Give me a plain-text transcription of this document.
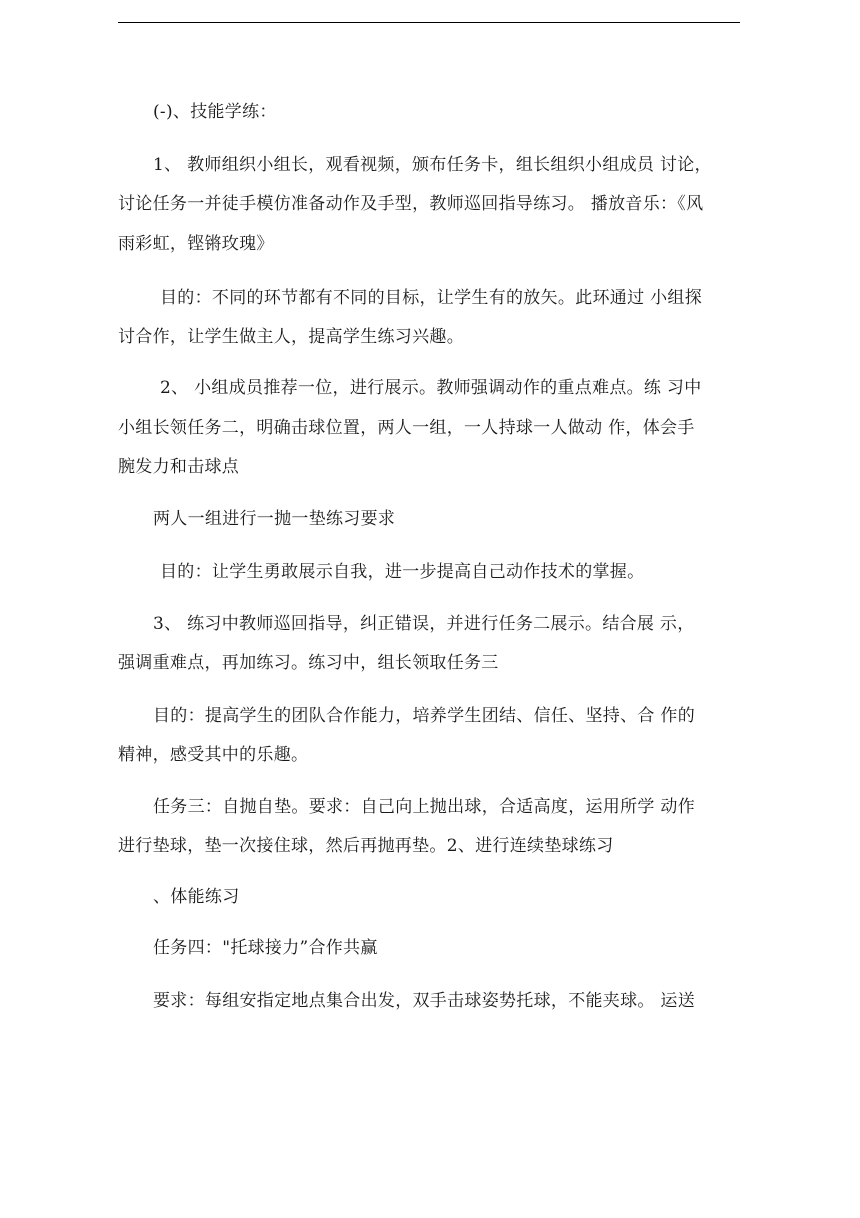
(-)、技能学练：
1、 教师组织小组长，观看视频，颁布任务卡，组长组织小组成员 讨论，
讨论任务一并徒手模仿准备动作及手型，教师巡回指导练习。 播放音乐：《风
雨彩虹，铿锵玫瑰》
目的：不同的环节都有不同的目标，让学生有的放矢。此环通过 小组探
讨合作，让学生做主人，提高学生练习兴趣。
2、 小组成员推荐一位，进行展示。教师强调动作的重点难点。练 习中
小组长领任务二，明确击球位置，两人一组，一人持球一人做动 作，体会手
腕发力和击球点
两人一组进行一抛一垫练习要求
目的：让学生勇敢展示自我，进一步提高自己动作技术的掌握。
3、 练习中教师巡回指导，纠正错误，并进行任务二展示。结合展 示，
强调重难点，再加练习。练习中，组长领取任务三
目的：提高学生的团队合作能力，培养学生团结、信任、坚持、合 作的
精神，感受其中的乐趣。
任务三：自抛自垫。要求：自己向上抛出球，合适高度，运用所学 动作
进行垫球，垫一次接住球，然后再抛再垫。2、进行连续垫球练习
、体能练习
任务四："托球接力”合作共赢
要求：每组安指定地点集合出发，双手击球姿势托球，不能夹球。 运送
